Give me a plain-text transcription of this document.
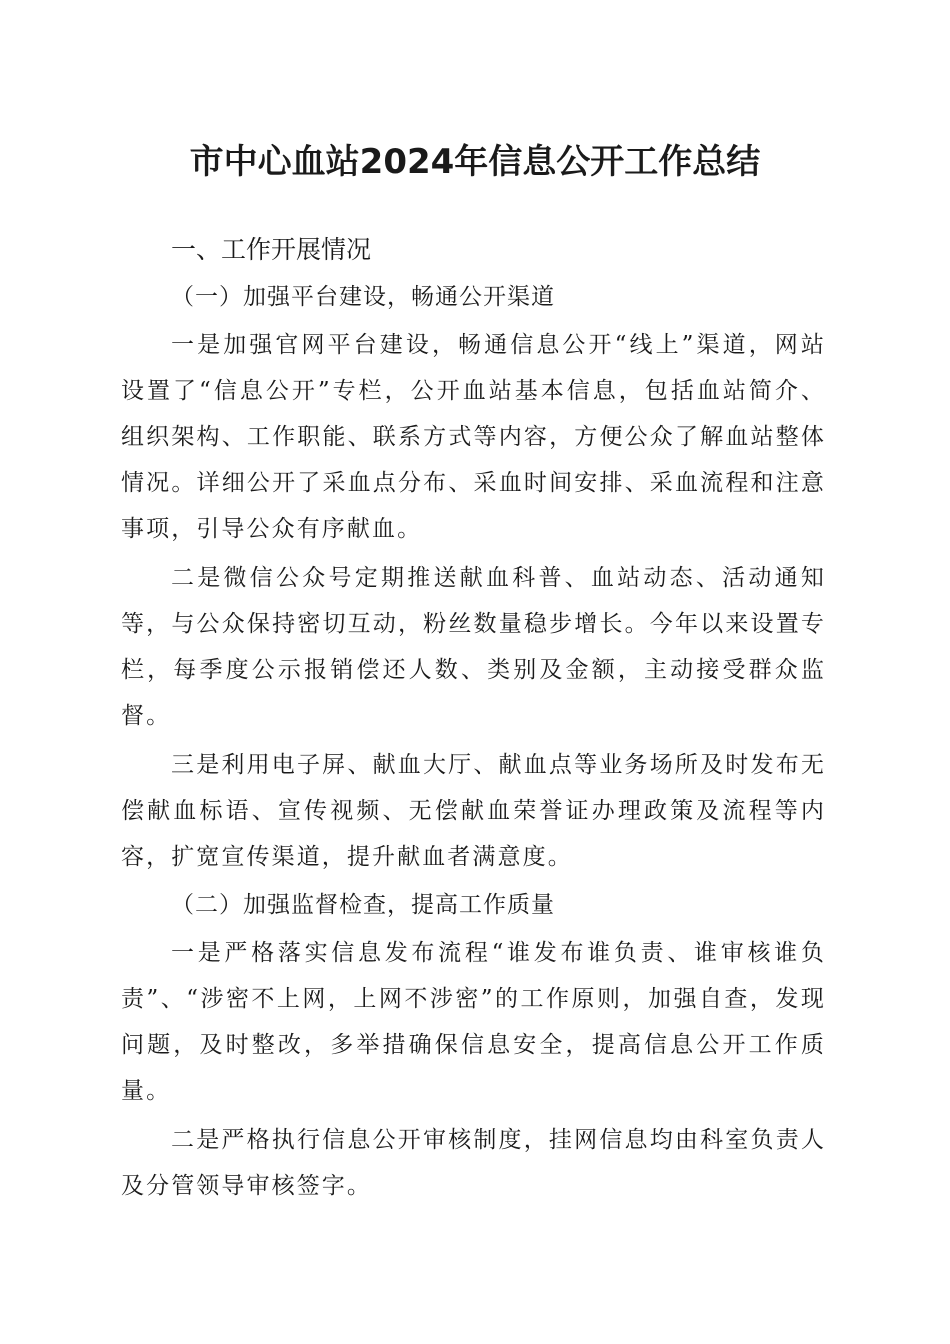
市中心血站2024年信息公开工作总结

一、工作开展情况

（一）加强平台建设，畅通公开渠道

一是加强官网平台建设，畅通信息公开“线上”渠道，网站设置了“信息公开”专栏，公开血站基本信息，包括血站简介、组织架构、工作职能、联系方式等内容，方便公众了解血站整体情况。详细公开了采血点分布、采血时间安排、采血流程和注意事项，引导公众有序献血。

二是微信公众号定期推送献血科普、血站动态、活动通知等，与公众保持密切互动，粉丝数量稳步增长。今年以来设置专栏，每季度公示报销偿还人数、类别及金额，主动接受群众监督。

三是利用电子屏、献血大厅、献血点等业务场所及时发布无偿献血标语、宣传视频、无偿献血荣誉证办理政策及流程等内容，扩宽宣传渠道，提升献血者满意度。

（二）加强监督检查，提高工作质量

一是严格落实信息发布流程“谁发布谁负责、谁审核谁负责”、“涉密不上网，上网不涉密”的工作原则，加强自查，发现问题，及时整改，多举措确保信息安全，提高信息公开工作质量。

二是严格执行信息公开审核制度，挂网信息均由科室负责人及分管领导审核签字。
